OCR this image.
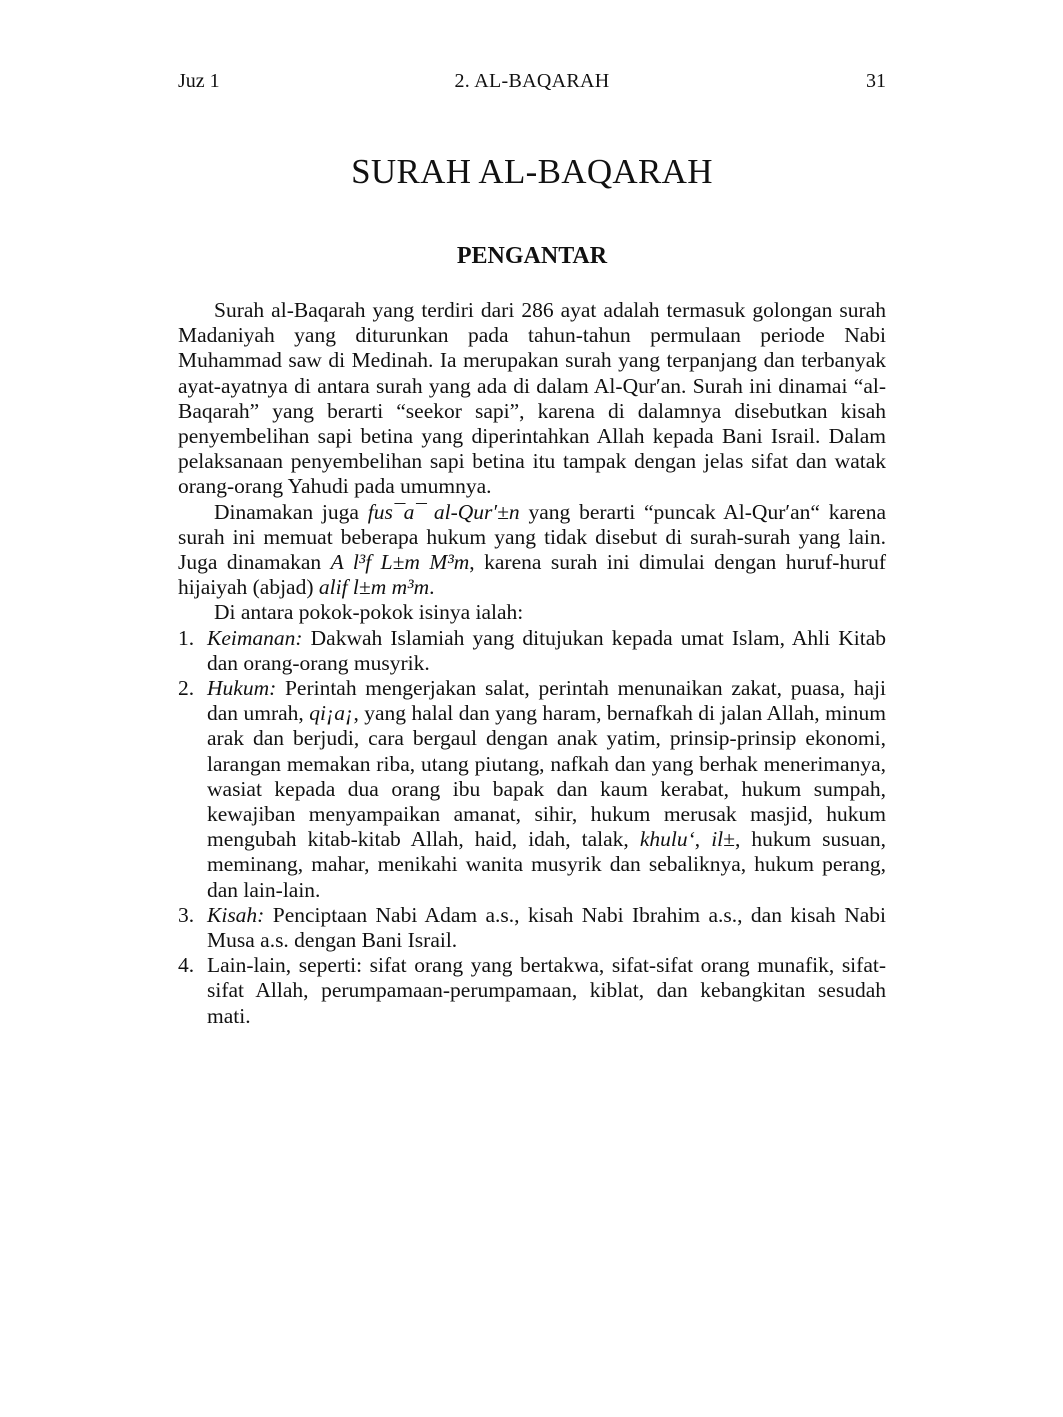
Juz 1	2. AL-BAQARAH	31
SURAH AL-BAQARAH
PENGANTAR

Surah al-Baqarah yang terdiri dari 286 ayat adalah termasuk golongan surah Madaniyah yang diturunkan pada tahun-tahun permulaan periode Nabi Muhammad saw di Medinah. Ia merupakan surah yang terpanjang dan terbanyak ayat-ayatnya di antara surah yang ada di dalam Al-Qur′an. Surah ini dinamai “al-Baqarah” yang berarti “seekor sapi”, karena di dalamnya disebutkan kisah penyembelihan sapi betina yang diperintahkan Allah kepada Bani Israil. Dalam pelaksanaan penyembelihan sapi betina itu tampak dengan jelas sifat dan watak orang-orang Yahudi pada umumnya.

Dinamakan juga fus¯a¯ al-Qur′±n yang berarti “puncak Al-Qur′an“ karena surah ini memuat beberapa hukum yang tidak disebut di surah-surah yang lain. Juga dinamakan A l³f L±m M³m, karena surah ini dimulai dengan huruf-huruf hijaiyah (abjad) alif l±m m³m.

Di antara pokok-pokok isinya ialah:

1. Keimanan: Dakwah Islamiah yang ditujukan kepada umat Islam, Ahli Kitab dan orang-orang musyrik.
2. Hukum: Perintah mengerjakan salat, perintah menunaikan zakat, puasa, haji dan umrah, qi¡a¡, yang halal dan yang haram, bernafkah di jalan Allah, minum arak dan berjudi, cara bergaul dengan anak yatim, prinsip-prinsip ekonomi, larangan memakan riba, utang piutang, nafkah dan yang berhak menerimanya, wasiat kepada dua orang ibu bapak dan kaum kerabat, hukum sumpah, kewajiban menyampaikan amanat, sihir, hukum merusak masjid, hukum mengubah kitab-kitab Allah, haid, idah, talak, khulu‘, il±, hukum susuan, meminang, mahar, menikahi wanita musyrik dan sebaliknya, hukum perang, dan lain-lain.
3. Kisah: Penciptaan Nabi Adam a.s., kisah Nabi Ibrahim a.s., dan kisah Nabi Musa a.s. dengan Bani Israil.
4. Lain-lain, seperti: sifat orang yang bertakwa, sifat-sifat orang munafik, sifat-sifat Allah, perumpamaan-perumpamaan, kiblat, dan kebangkitan sesudah mati.
